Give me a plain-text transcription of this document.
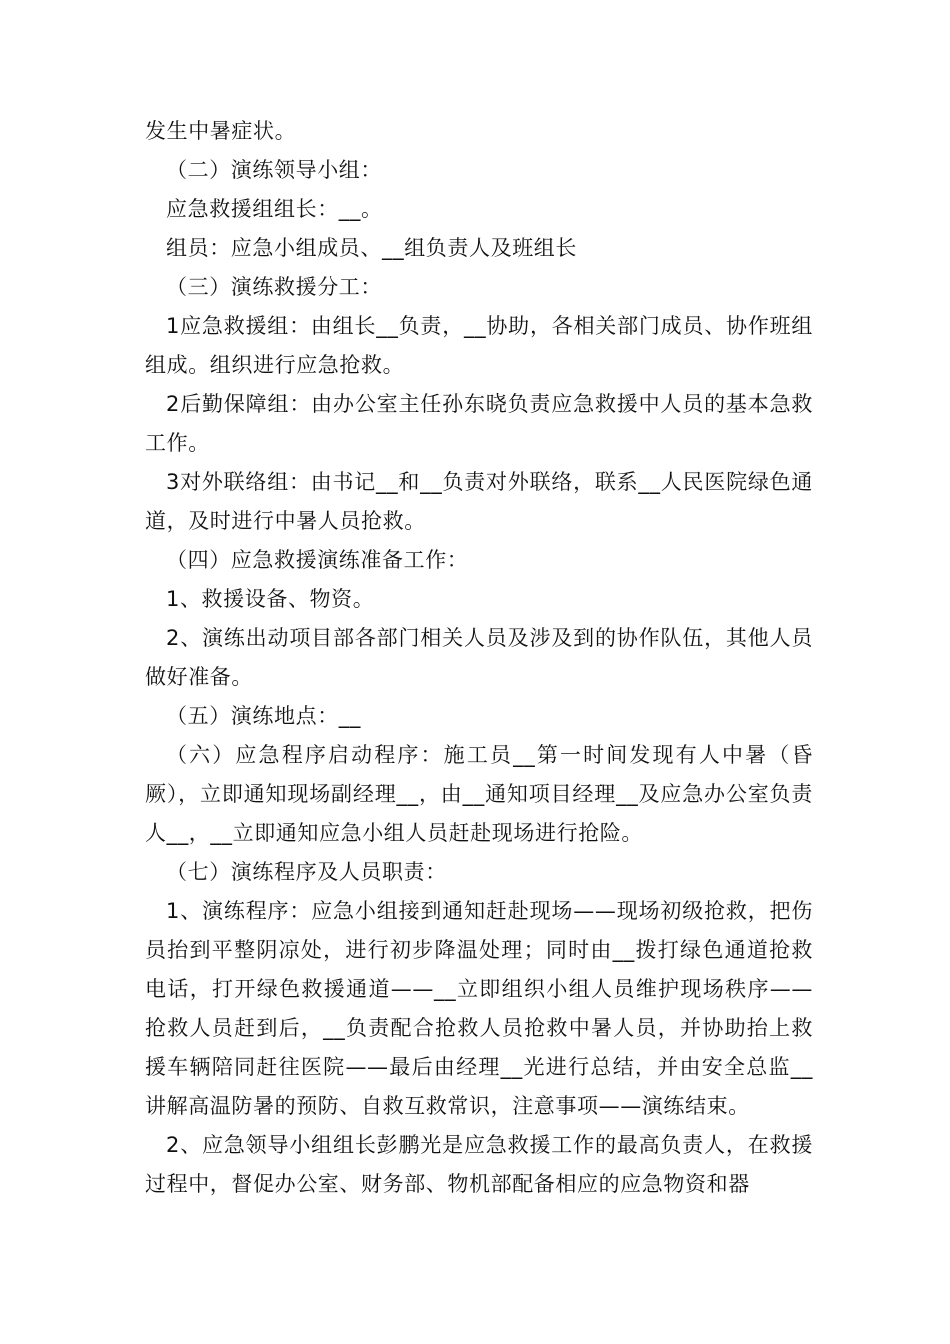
发生中暑症状。

（二）演练领导小组：

应急救援组组长：__。

组员：应急小组成员、__组负责人及班组长

（三）演练救援分工：

1应急救援组：由组长__负责，__协助，各相关部门成员、协作班组组成。组织进行应急抢救。

2后勤保障组：由办公室主任孙东晓负责应急救援中人员的基本急救工作。

3对外联络组：由书记__和__负责对外联络，联系__人民医院绿色通道，及时进行中暑人员抢救。

（四）应急救援演练准备工作：

1、救援设备、物资。

2、演练出动项目部各部门相关人员及涉及到的协作队伍，其他人员做好准备。

（五）演练地点：__

（六）应急程序启动程序：施工员__第一时间发现有人中暑（昏厥），立即通知现场副经理__，由__通知项目经理__及应急办公室负责人__，__立即通知应急小组人员赶赴现场进行抢险。

（七）演练程序及人员职责：

1、演练程序：应急小组接到通知赶赴现场——现场初级抢救，把伤员抬到平整阴凉处，进行初步降温处理；同时由__拨打绿色通道抢救电话，打开绿色救援通道——__立即组织小组人员维护现场秩序——抢救人员赶到后，__负责配合抢救人员抢救中暑人员，并协助抬上救援车辆陪同赶往医院——最后由经理__光进行总结，并由安全总监__讲解高温防暑的预防、自救互救常识，注意事项——演练结束。

2、应急领导小组组长彭鹏光是应急救援工作的最高负责人，在救援过程中，督促办公室、财务部、物机部配备相应的应急物资和器
